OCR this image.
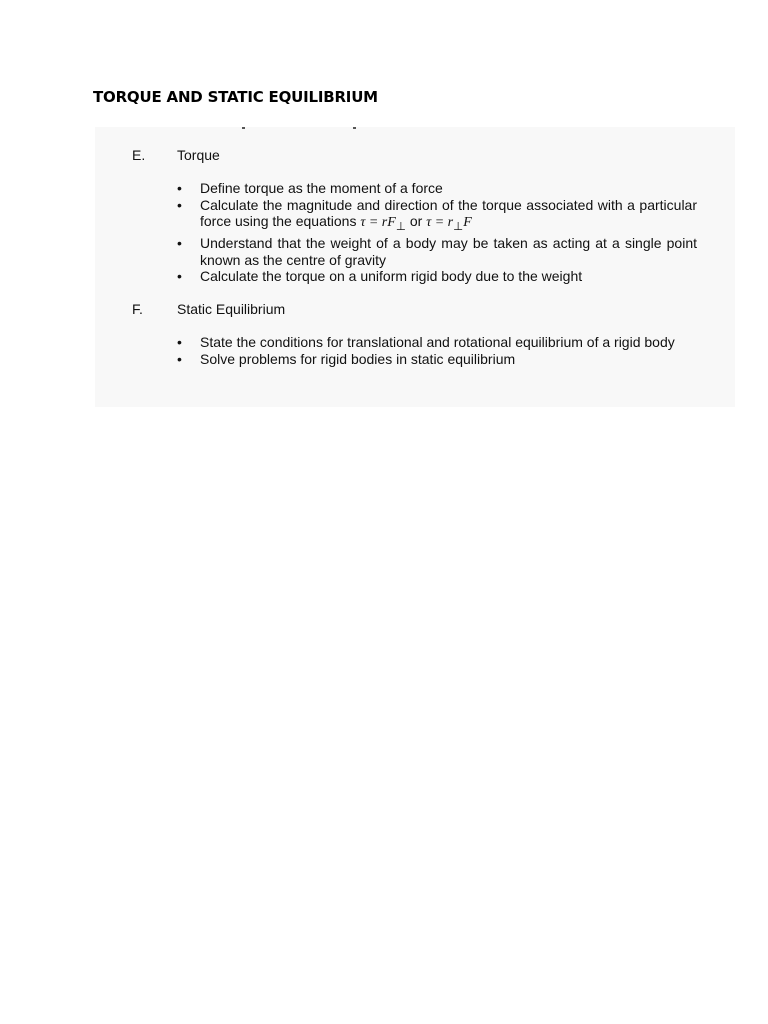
TORQUE AND STATIC EQUILIBRIUM
E. Torque
• Define torque as the moment of a force
• Calculate the magnitude and direction of the torque associated with a particular force using the equations $\tau = rF_\perp$ or $\tau = r_\perp F$
• Understand that the weight of a body may be taken as acting at a single point known as the centre of gravity
• Calculate the torque on a uniform rigid body due to the weight
F. Static Equilibrium
• State the conditions for translational and rotational equilibrium of a rigid body
• Solve problems for rigid bodies in static equilibrium
